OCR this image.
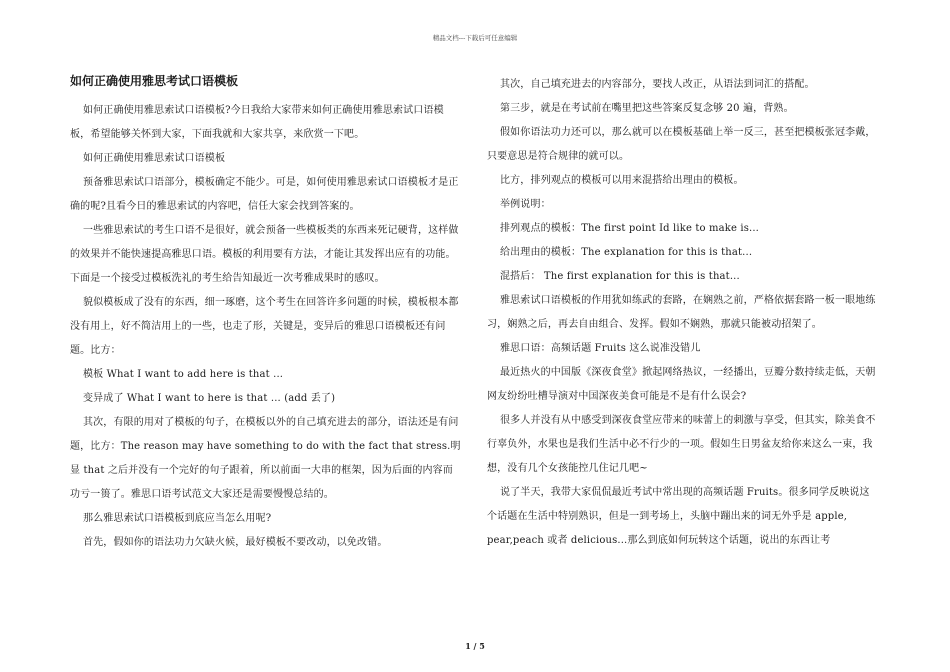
精品文档---下载后可任意编辑
如何正确使用雅思考试口语模板

如何正确使用雅思索试口语模板?今日我给大家带来如何正确使用雅思索试口语模板，希望能够关怀到大家，下面我就和大家共享，来欣赏一下吧。

如何正确使用雅思索试口语模板

预备雅思索试口语部分，模板确定不能少。可是，如何使用雅思索试口语模板才是正确的呢?且看今日的雅思索试的内容吧，信任大家会找到答案的。

一些雅思索试的考生口语不是很好，就会预备一些模板类的东西来死记硬背，这样做的效果并不能快速提高雅思口语。模板的利用要有方法，才能让其发挥出应有的功能。下面是一个接受过模板洗礼的考生给告知最近一次考雅成果时的感叹。

貌似模板成了没有的东西，细一琢磨，这个考生在回答许多问题的时候，模板根本都没有用上，好不简洁用上的一些，也走了形，关键是，变异后的雅思口语模板还有问题。比方：

模板 What I want to add here is that ...

变异成了 What I want to here is that ... (add 丢了)

其次，有限的用对了模板的句子，在模板以外的自己填充进去的部分，语法还是有问题，比方：The reason may have something to do with the fact that stress.明显 that 之后并没有一个完好的句子跟着，所以前面一大串的框架，因为后面的内容而功亏一篑了。雅思口语考试范文大家还是需要慢慢总结的。

那么雅思索试口语模板到底应当怎么用呢?

首先，假如你的语法功力欠缺火候，最好模板不要改动，以免改错。

其次，自己填充进去的内容部分，要找人改正，从语法到词汇的搭配。

第三步，就是在考试前在嘴里把这些答案反复念够 20 遍，背熟。

假如你语法功力还可以，那么就可以在模板基础上举一反三，甚至把模板张冠李戴，只要意思是符合规律的就可以。

比方，排列观点的模板可以用来混搭给出理由的模板。

举例说明：

排列观点的模板：The first point Id like to make is...

给出理由的模板：The explanation for this is that...

混搭后： The first explanation for this is that...

雅思索试口语模板的作用犹如练武的套路，在娴熟之前，严格依据套路一板一眼地练习，娴熟之后，再去自由组合、发挥。假如不娴熟，那就只能被动招架了。

雅思口语：高频话题 Fruits 这么说准没错儿

最近热火的中国版《深夜食堂》掀起网络热议，一经播出，豆瓣分数持续走低，天朝网友纷纷吐槽导演对中国深夜美食可能是不是有什么误会?

很多人并没有从中感受到深夜食堂应带来的味蕾上的刺激与享受，但其实，除美食不行辜负外，水果也是我们生活中必不行少的一项。假如生日男盆友给你来这么一束，我想，没有几个女孩能控几住记几吧~

说了半天，我带大家侃侃最近考试中常出现的高频话题 Fruits。很多同学反映说这个话题在生活中特别熟识，但是一到考场上，头脑中蹦出来的词无外乎是 apple, pear,peach 或者 delicious...那么到底如何玩转这个话题，说出的东西让考

1 / 5
